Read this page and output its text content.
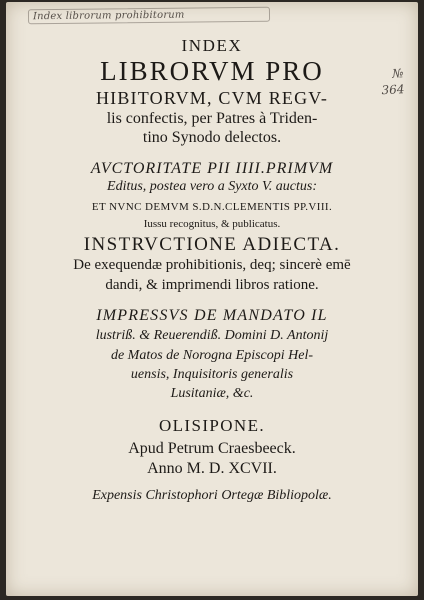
Index librorum prohibitorum
№ 364
INDEX
LIBRORVM PRO
HIBITORVM, CVM REGV-
lis confectis, per Patres à Triden-
tino Synodo delectos.
AVCTORITATE PII IIII.PRIMVM
Editus, postea vero a Syxto V. auctus:
ET NVNC DEMVM S.D.N.CLEMENTIS PP.VIII.
Iussu recognitus, & publicatus.
INSTRVCTIONE ADIECTA.
De exequendæ prohibitionis, deq; sincerè emē
dandi, & imprimendi libros ratione.
IMPRESSVS DE MANDATO IL
lustriß. & Reuerendiß. Domini D. Antonij
de Matos de Norogna Episcopi Hel-
uensis, Inquisitoris generalis
Lusitaniæ, &c.
OLISIPONE.
Apud Petrum Craesbeeck.
Anno M. D. XCVII.
Expensis Christophori Ortegæ Bibliopolæ.
